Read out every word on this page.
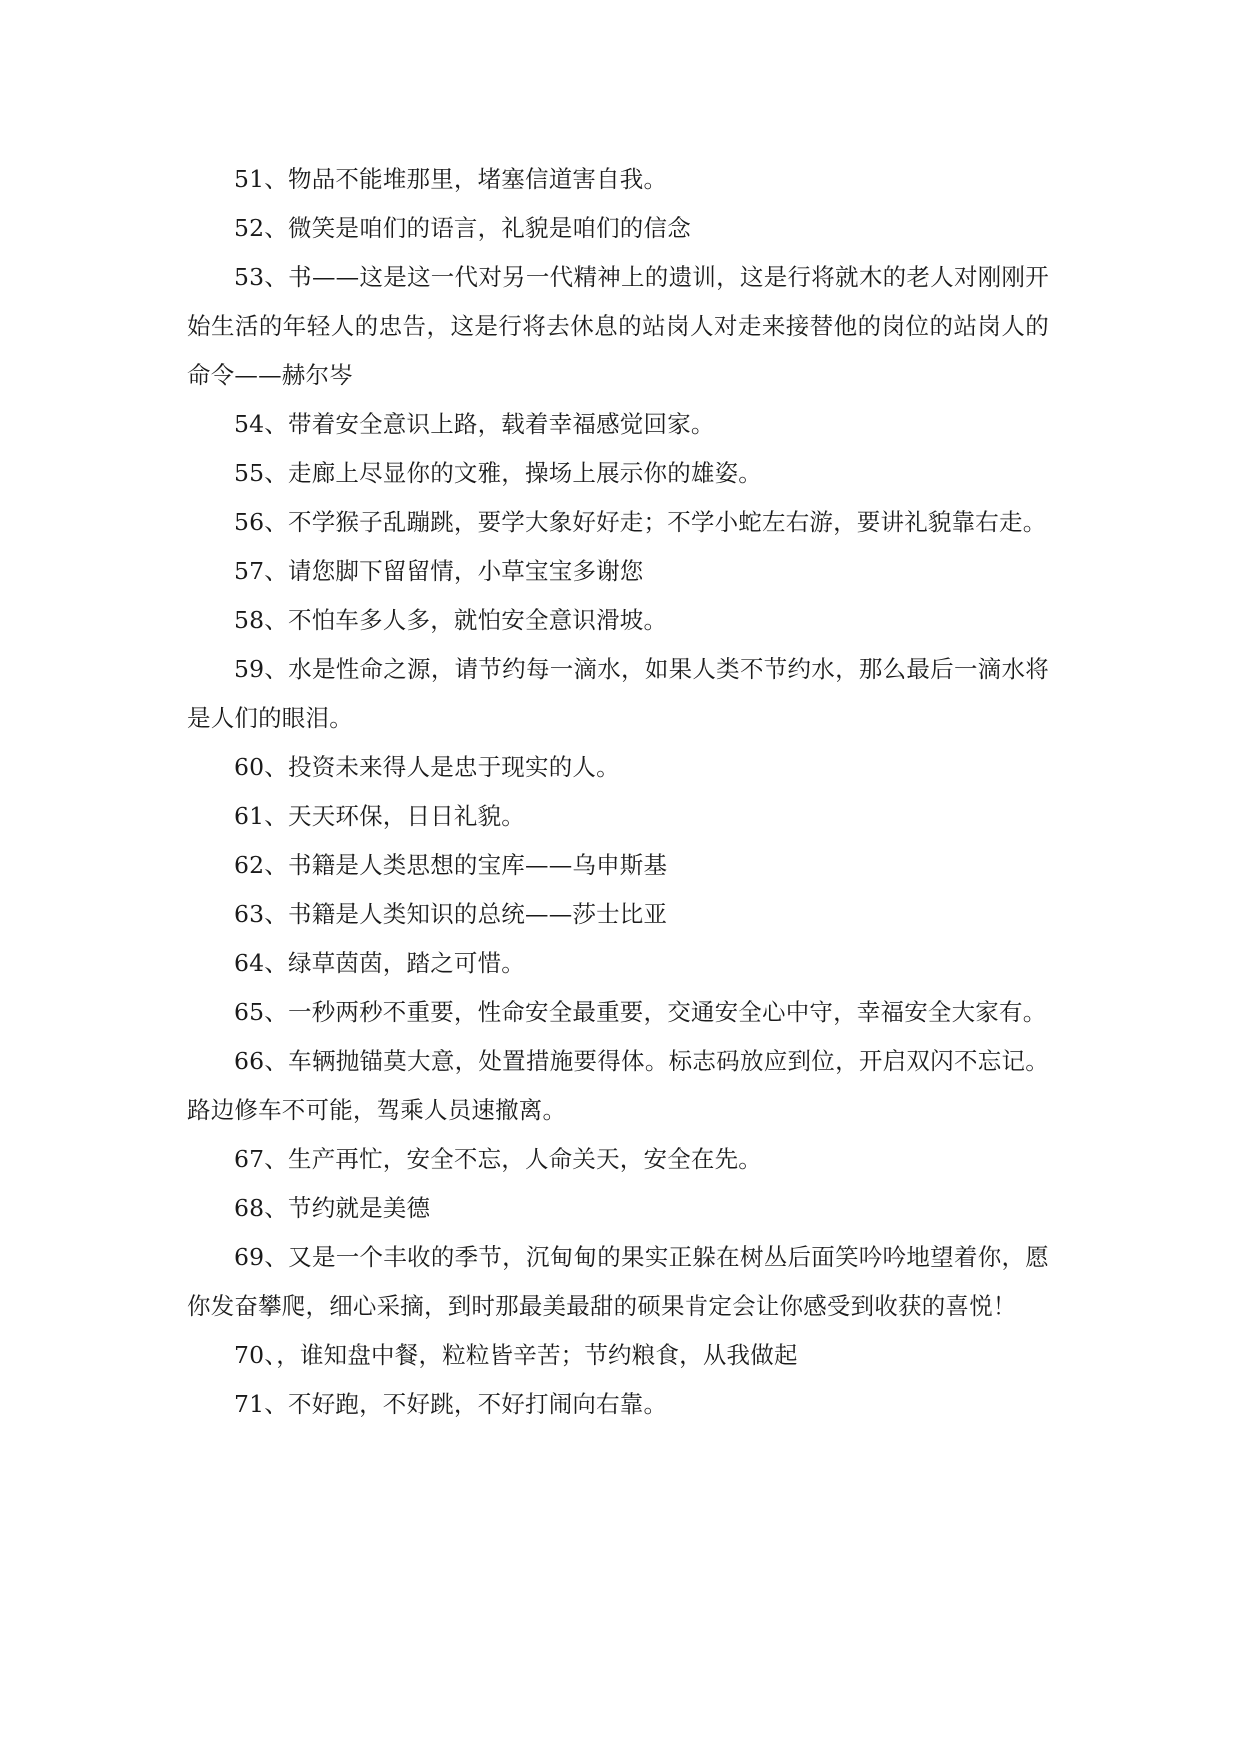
51、物品不能堆那里，堵塞信道害自我。

52、微笑是咱们的语言，礼貌是咱们的信念

53、书——这是这一代对另一代精神上的遗训，这是行将就木的老人对刚刚开始生活的年轻人的忠告，这是行将去休息的站岗人对走来接替他的岗位的站岗人的命令——赫尔岑

54、带着安全意识上路，载着幸福感觉回家。

55、走廊上尽显你的文雅，操场上展示你的雄姿。

56、不学猴子乱蹦跳，要学大象好好走；不学小蛇左右游，要讲礼貌靠右走。

57、请您脚下留留情，小草宝宝多谢您

58、不怕车多人多，就怕安全意识滑坡。

59、水是性命之源，请节约每一滴水，如果人类不节约水，那么最后一滴水将是人们的眼泪。

60、投资未来得人是忠于现实的人。

61、天天环保，日日礼貌。

62、书籍是人类思想的宝库——乌申斯基

63、书籍是人类知识的总统——莎士比亚

64、绿草茵茵，踏之可惜。

65、一秒两秒不重要，性命安全最重要，交通安全心中守，幸福安全大家有。

66、车辆抛锚莫大意，处置措施要得体。标志码放应到位，开启双闪不忘记。路边修车不可能，驾乘人员速撤离。

67、生产再忙，安全不忘，人命关天，安全在先。

68、节约就是美德

69、又是一个丰收的季节，沉甸甸的果实正躲在树丛后面笑吟吟地望着你，愿你发奋攀爬，细心采摘，到时那最美最甜的硕果肯定会让你感受到收获的喜悦！

70、，谁知盘中餐，粒粒皆辛苦；节约粮食，从我做起

71、不好跑，不好跳，不好打闹向右靠。
